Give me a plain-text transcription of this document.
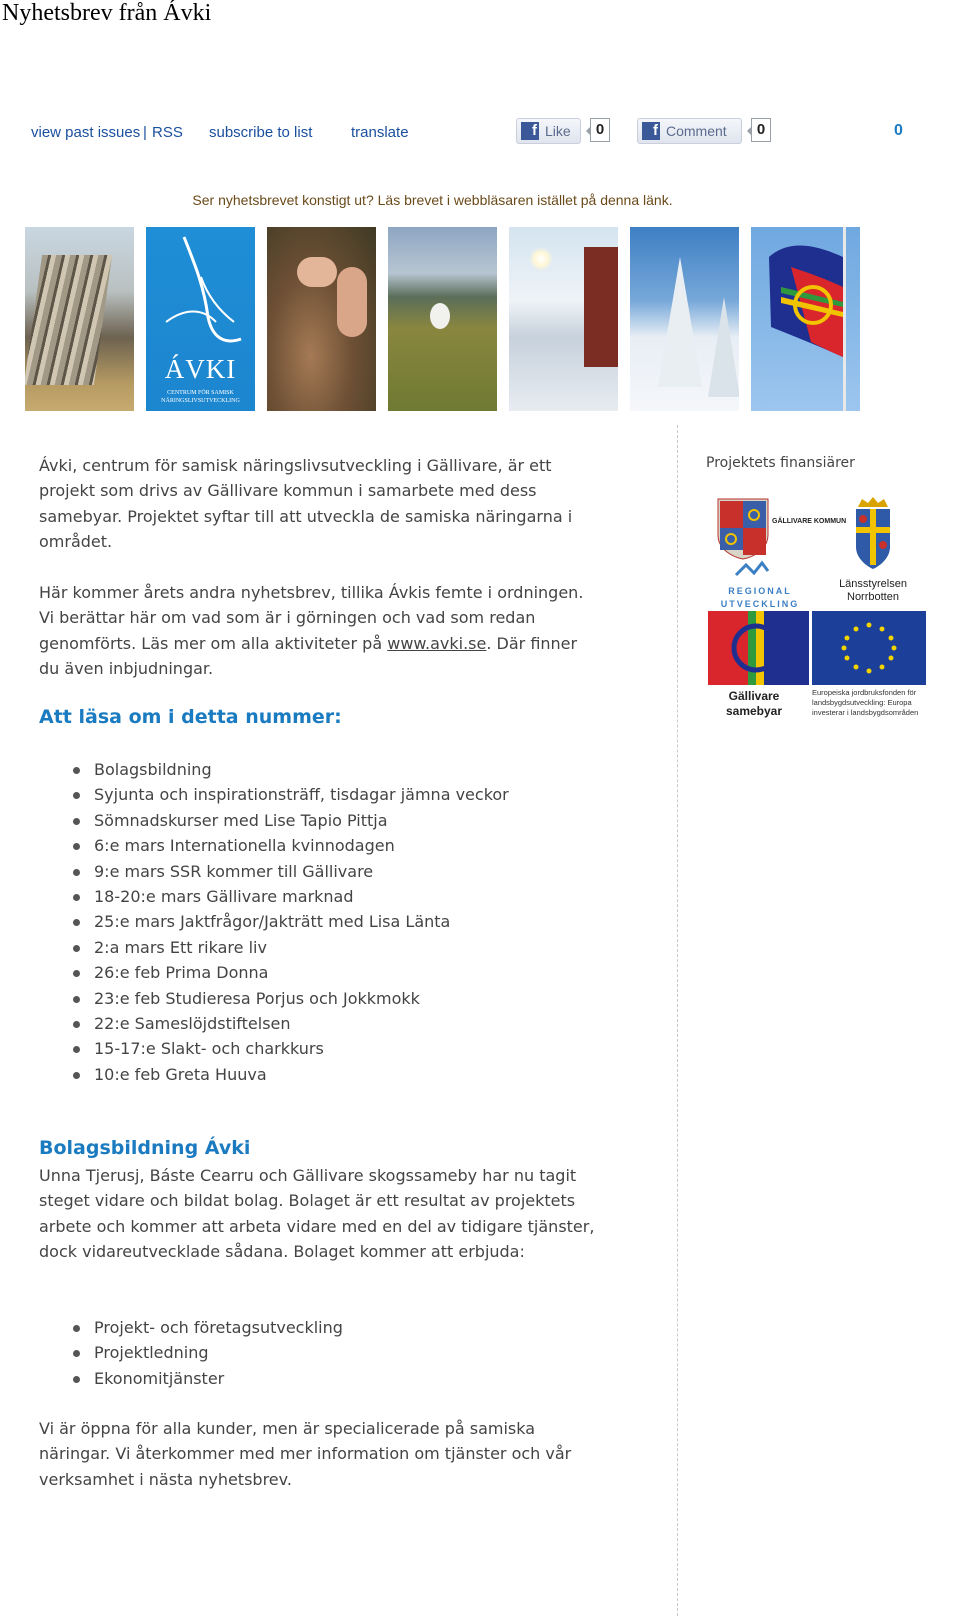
Nyhetsbrev från Ávki
view past issues | RSS subscribe to list	translate	f Like	0	f Comment	0	0
Ser nyhetsbrevet konstigt ut? Läs brevet i webbläsaren istället på denna länk.
ÁVKI
CENTRUM FÖR SAMISK NÄRINGSLIVSUTVECKLING

Ávki, centrum för samisk näringslivsutveckling i Gällivare, är ett projekt som drivs av Gällivare kommun i samarbete med dess samebyar. Projektet syftar till att utveckla de samiska näringarna i området.

Här kommer årets andra nyhetsbrev, tillika Ávkis femte i ordningen. Vi berättar här om vad som är i görningen och vad som redan genomförts. Läs mer om alla aktiviteter på www.avki.se. Där finner du även inbjudningar.

Att läsa om i detta nummer:
Bolagsbildning
Syjunta och inspirationsträff, tisdagar jämna veckor
Sömnadskurser med Lise Tapio Pittja
6:e mars Internationella kvinnodagen
9:e mars SSR kommer till Gällivare
18-20:e mars Gällivare marknad
25:e mars Jaktfrågor/Jakträtt med Lisa Länta
2:a mars Ett rikare liv
26:e feb Prima Donna
23:e feb Studieresa Porjus och Jokkmokk
22:e Sameslöjdstiftelsen
15-17:e Slakt- och charkkurs
10:e feb Greta Huuva
Bolagsbildning Ávki

Unna Tjerusj, Báste Cearru och Gällivare skogssameby har nu tagit steget vidare och bildat bolag. Bolaget är ett resultat av projektets arbete och kommer att arbeta vidare med en del av tidigare tjänster, dock vidareutvecklade sådana. Bolaget kommer att erbjuda:

Projekt- och företagsutveckling
Projektledning
Ekonomitjänster

Vi är öppna för alla kunder, men är specialicerade på samiska näringar. Vi återkommer med mer information om tjänster och vår verksamhet i nästa nyhetsbrev.

Projektets finansiärer
GÄLLIVARE KOMMUN
Länsstyrelsen
Norrbotten
REGIONAL
UTVECKLING
Gällivare
samebyar
Europeiska jordbruksfonden för
landsbygdsutveckling: Europa
investerar i landsbygdsområden
